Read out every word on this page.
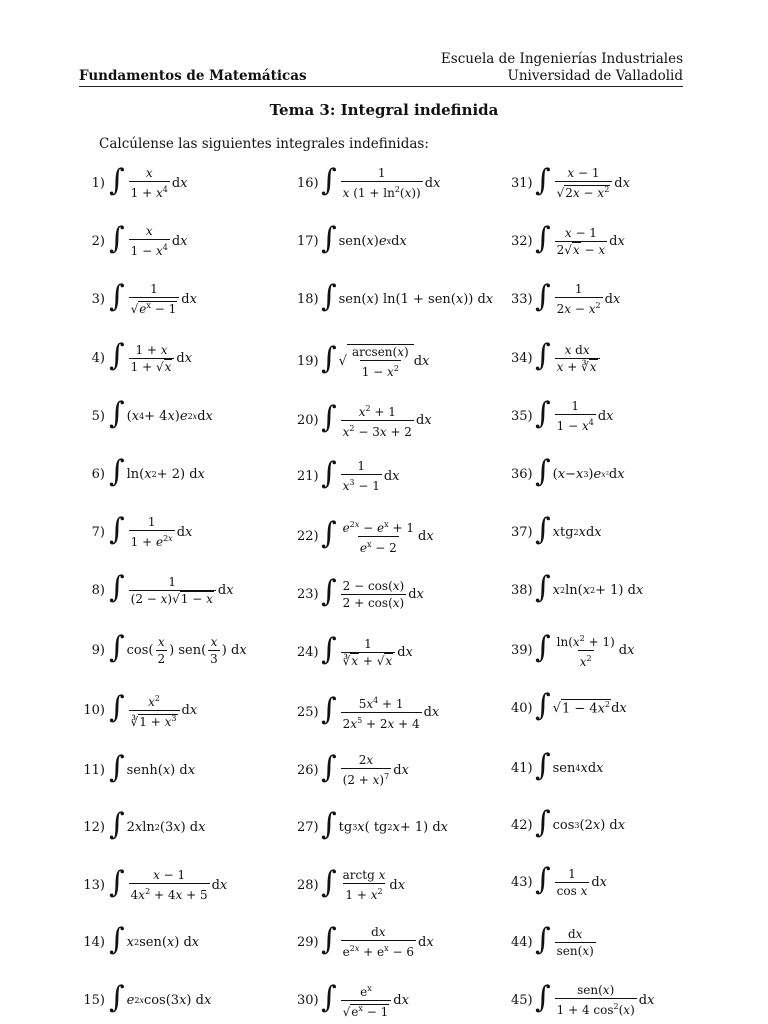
Escuela de Ingenierías Industriales
Universidad de Valladolid
Fundamentos de Matemáticas
Tema 3: Integral indefinida
Calcúlense las siguientes integrales indefinidas:
1) ∫ $\frac{x}{1 + x^4}$ d x
2) ∫ $\frac{x}{1 - x^4}$ d x
3) ∫ $\frac{1}{√e^x - 1}$ d x
4) ∫ $\frac{1 + x}{1 + √x}$ d x
5) ∫ ( x 4 + 4 x ) e 2x d x
6) ∫ ln( x 2 + 2) d x
7) ∫ $\frac{1}{1 + e^{2x}}$ d x
8) ∫ $\frac{1}{(2 - x)√1 - x}$ d x
9) ∫ $\cos( \frac{x}{2}$ ) $sen( \frac{x}{3}$ ) d x
10) ∫ $\frac{x^2}{∛1 + x^3}$ d x
11) ∫ senh( x ) d x
12) ∫ 2 x ln 2 (3 x ) d x
13) ∫ $\frac{x - 1}{4x^2 + 4x + 5}$ d x
14) ∫ x 2 sen( x ) d x
15) ∫ e 2x cos(3 x ) d x
16) ∫ $\frac{1}{x (1 + \ln^2(x))}$ d x
17) ∫ sen( x ) e x d x
18) ∫ sen( x ) ln(1 + sen( x )) d x
19) ∫ √ $\frac{\text{arcsen(x)}}{1 - x^2}$ d x
20) ∫ $\frac{x^2 + 1}{x^2 - 3x + 2}$ d x
21) ∫ $\frac{1}{x^3 - 1}$ d x
22) ∫ $\frac{e^{2x} - e^x + 1}{e^x - 2}$ d x
23) ∫ $\frac{2 - \cos(x)}{2 + \cos(x)}$ d x
24) ∫ $\frac{1}{∛x + √x}$ d x
25) ∫ $\frac{5x^4 + 1}{2x^5 + 2x + 4}$ d x
26) ∫ $\frac{2x}{(2 + x)^7}$ d x
27) ∫ tg 3 x ( tg 2 x + 1) d x
28) ∫ $\frac{\text{arctg x}}{1 + x^2}$ d x
29) ∫ $\frac{dx}{e^{2x} + e^x - 6}$ d x
30) ∫ $\frac{e^x}{√e^x - 1}$ d x
31) ∫ $\frac{x - 1}{√2x - x^2}$ d x
32) ∫ $\frac{x - 1}{2√x - x}$ d x
33) ∫ $\frac{1}{2x - x^2}$ d x
34) ∫ $\frac{\text{x dx}}{x + ∛x}$
35) ∫ $\frac{1}{1 - x^4}$ d x
36) ∫ ( x − x 3 ) e x² d x
37) ∫ x tg 2 x d x
38) ∫ x 2 ln( x 2 + 1) d x
39) ∫ $\frac{\ln(x^2 + 1)}{x^2}$ d x
40) ∫ √ $1 - 4x^2$ d x
41) ∫ sen 4 x d x
42) ∫ cos 3 (2 x ) d x
43) ∫ $\frac{1}{\text{cos x}}$ d x
44) ∫ $\frac{dx}{\text{sen(x)}}$
45) ∫ $\frac{\text{sen(x)}}{1 + 4 \cos^2(x)}$ d x
